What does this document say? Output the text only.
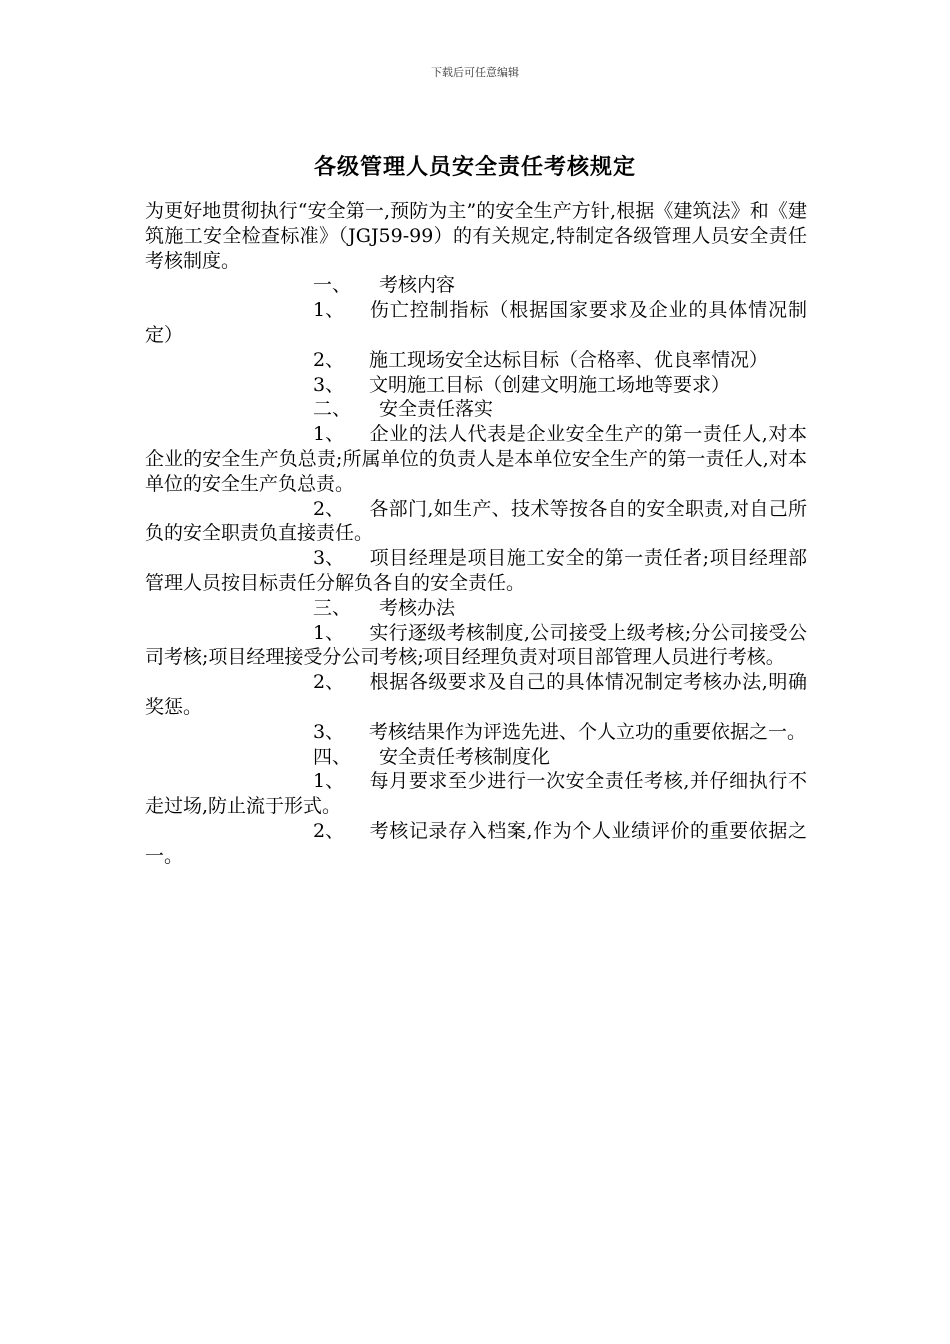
下载后可任意编辑
各级管理人员安全责任考核规定

为更好地贯彻执行“安全第一,预防为主”的安全生产方针,根据《建筑法》和《建筑施工安全检查标准》（JGJ59-99）的有关规定,特制定各级管理人员安全责任考核制度。

一、 考核内容

1、 伤亡控制指标（根据国家要求及企业的具体情况制定）

2、 施工现场安全达标目标（合格率、优良率情况）

3、 文明施工目标（创建文明施工场地等要求）

二、 安全责任落实

1、 企业的法人代表是企业安全生产的第一责任人,对本企业的安全生产负总责;所属单位的负责人是本单位安全生产的第一责任人,对本单位的安全生产负总责。

2、 各部门,如生产、技术等按各自的安全职责,对自己所负的安全职责负直接责任。

3、 项目经理是项目施工安全的第一责任者;项目经理部管理人员按目标责任分解负各自的安全责任。

三、 考核办法

1、 实行逐级考核制度,公司接受上级考核;分公司接受公司考核;项目经理接受分公司考核;项目经理负责对项目部管理人员进行考核。

2、 根据各级要求及自己的具体情况制定考核办法,明确奖惩。

3、 考核结果作为评选先进、个人立功的重要依据之一。

四、 安全责任考核制度化

1、 每月要求至少进行一次安全责任考核,并仔细执行不走过场,防止流于形式。

2、 考核记录存入档案,作为个人业绩评价的重要依据之一。
